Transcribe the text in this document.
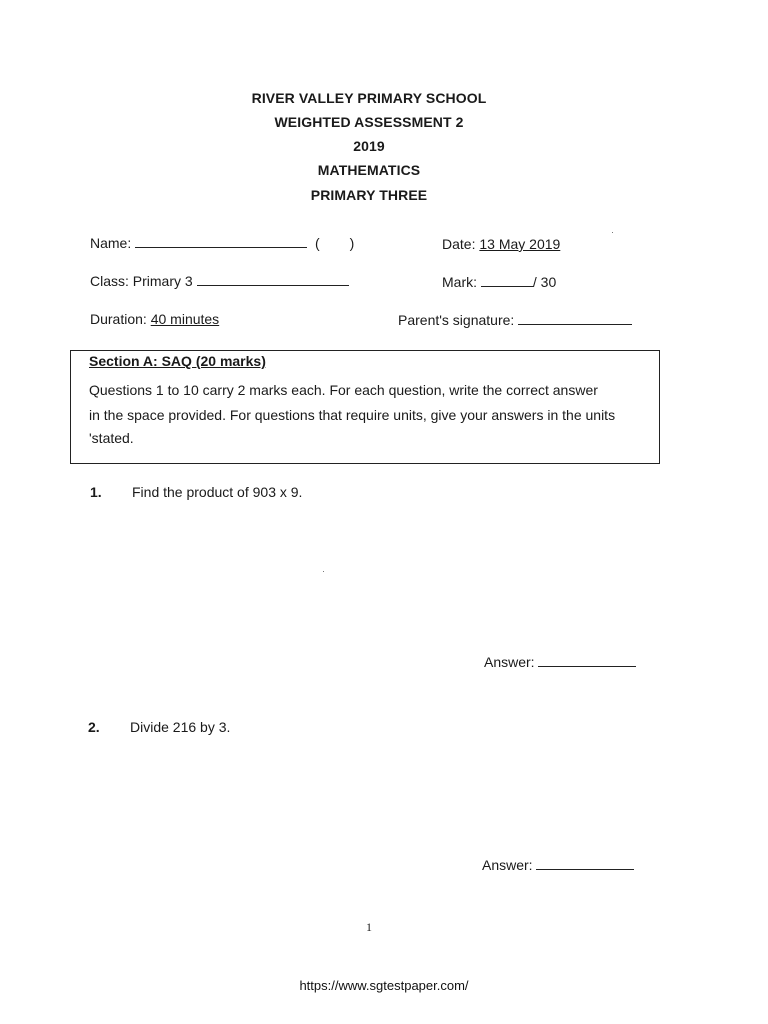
RIVER VALLEY PRIMARY SCHOOL
WEIGHTED ASSESSMENT 2
2019
MATHEMATICS
PRIMARY THREE
Name:	( )	Date: 13 May 2019
Class: Primary 3	Mark:	/ 30
Duration: 40 minutes	Parent's signature:
Section A: SAQ (20 marks)
Questions 1 to 10 carry 2 marks each. For each question, write the correct answer
in the space provided. For questions that require units, give your answers in the units
'stated.
1. Find the product of 903 x 9.
Answer:
2. Divide 216 by 3.
Answer:
1
https://www.sgtestpaper.com/
